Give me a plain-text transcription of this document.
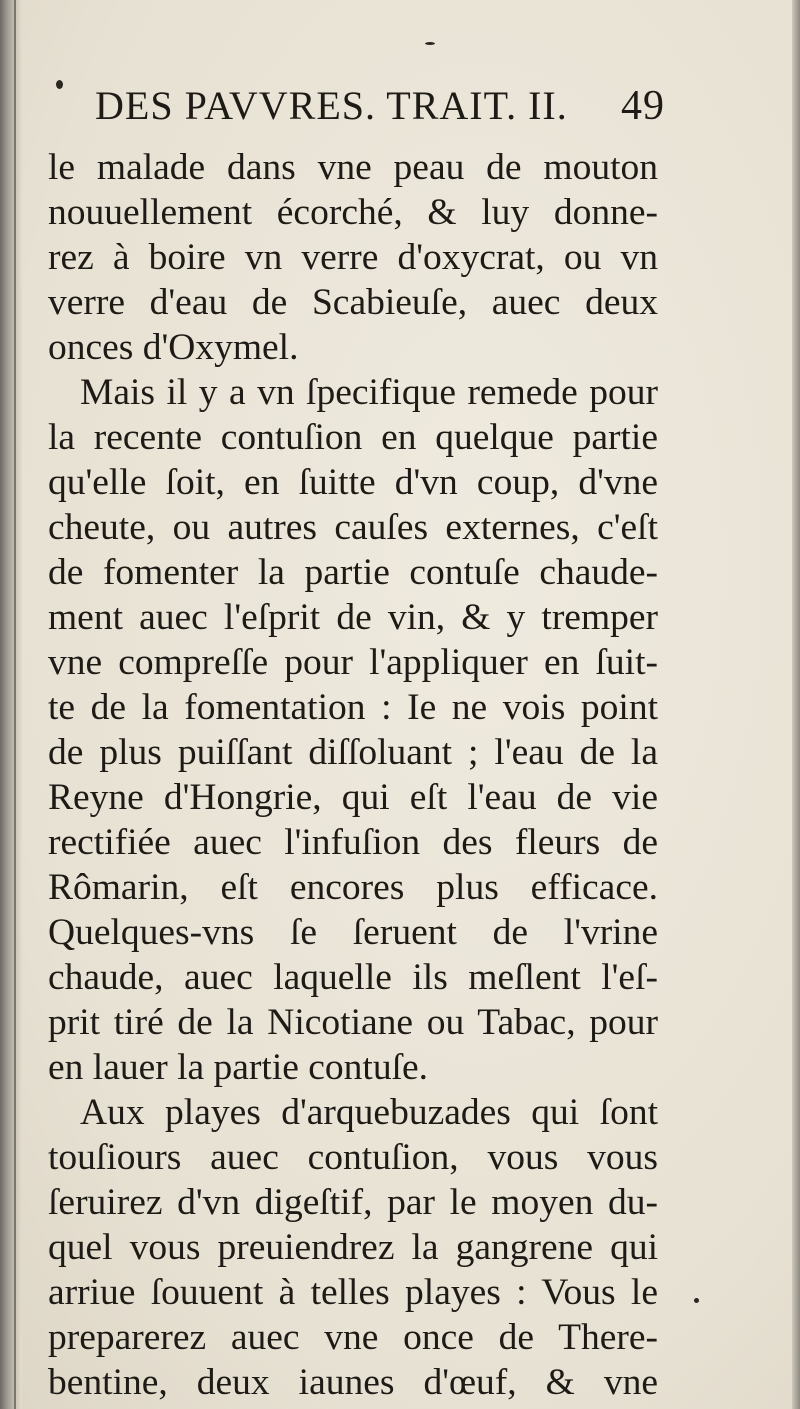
DES PAVVRES. TRAIT. II. 49
le malade dans vne peau de mouton
nouuellement écorché, & luy donne-
rez à boire vn verre d'oxycrat, ou vn
verre d'eau de Scabieuſe, auec deux
onces d'Oxymel.
Mais il y a vn ſpecifique remede pour
la recente contuſion en quelque partie
qu'elle ſoit, en ſuitte d'vn coup, d'vne
cheute, ou autres cauſes externes, c'eſt
de fomenter la partie contuſe chaude-
ment auec l'eſprit de vin, & y tremper
vne compreſſe pour l'appliquer en ſuit-
te de la fomentation : Ie ne vois point
de plus puiſſant diſſoluant ; l'eau de la
Reyne d'Hongrie, qui eſt l'eau de vie
rectifiée auec l'infuſion des fleurs de
Rômarin, eſt encores plus efficace.
Quelques-vns ſe ſeruent de l'vrine
chaude, auec laquelle ils meſlent l'eſ-
prit tiré de la Nicotiane ou Tabac, pour
en lauer la partie contuſe.
Aux playes d'arquebuzades qui ſont
touſiours auec contuſion, vous vous
ſeruirez d'vn digeſtif, par le moyen du-
quel vous preuiendrez la gangrene qui
arriue ſouuent à telles playes : Vous le
preparerez auec vne once de There-
bentine, deux iaunes d'œuf, & vne
